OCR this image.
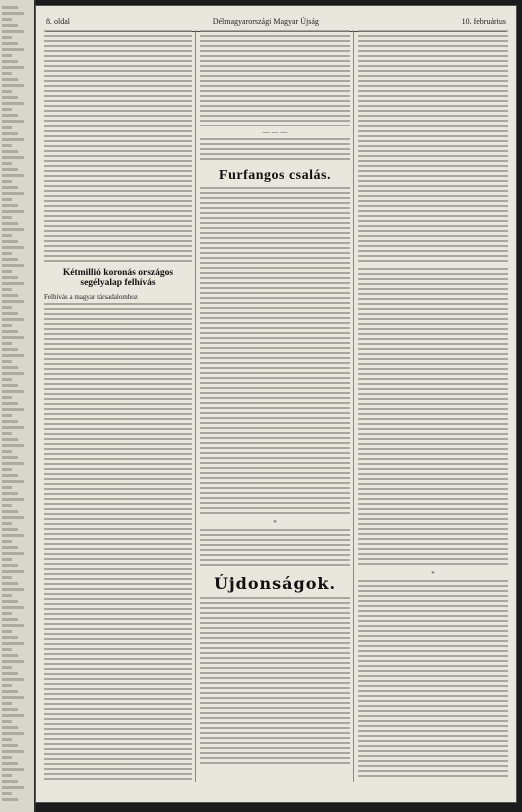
8. oldal	Délmagyarországi Magyar Újság	10. februárius
Kétmillió koronás országos segélyalap felhívás
Felhívás a magyar társadalomhoz
— — —
Furfangos csalás.
*
Újdonságok.
*
